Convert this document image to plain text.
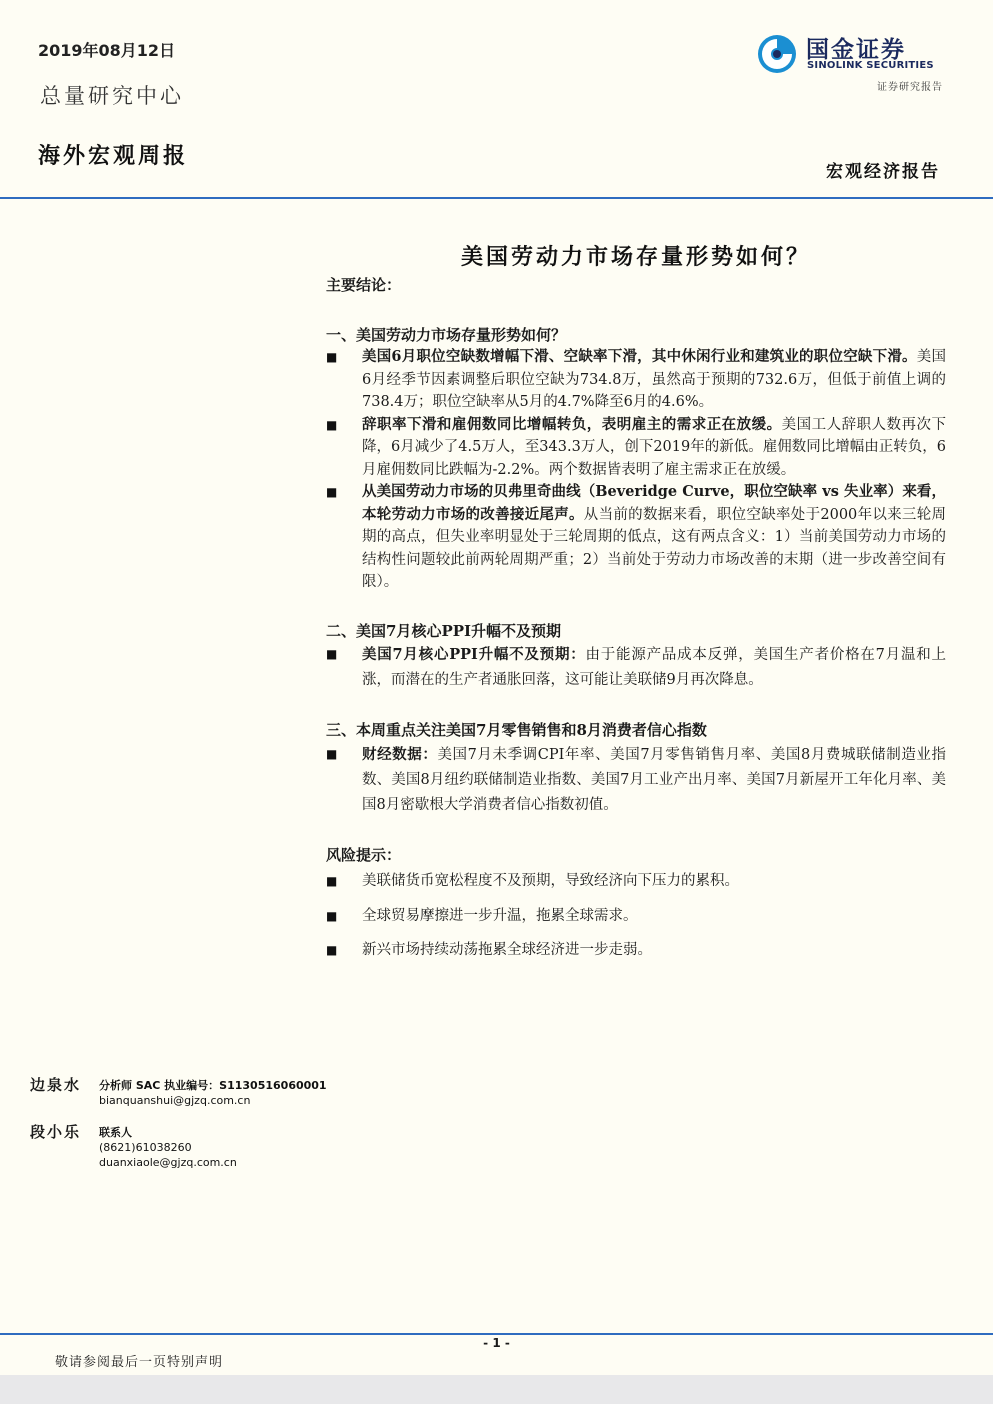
2019年08月12日
总量研究中心
海外宏观周报
国金证券
SINOLINK SECURITIES
证券研究报告
宏观经济报告
美国劳动力市场存量形势如何？
主要结论：
一、美国劳动力市场存量形势如何？
■ 美国6月职位空缺数增幅下滑、空缺率下滑，其中休闲行业和建筑业的职位空缺下滑。美国6月经季节因素调整后职位空缺为734.8万，虽然高于预期的732.6万，但低于前值上调的738.4万；职位空缺率从5月的4.7%降至6月的4.6%。
■ 辞职率下滑和雇佣数同比增幅转负，表明雇主的需求正在放缓。美国工人辞职人数再次下降，6月减少了4.5万人，至343.3万人，创下2019年的新低。雇佣数同比增幅由正转负，6月雇佣数同比跌幅为-2.2%。两个数据皆表明了雇主需求正在放缓。
■ 从美国劳动力市场的贝弗里奇曲线（Beveridge Curve，职位空缺率 vs 失业率）来看，本轮劳动力市场的改善接近尾声。从当前的数据来看，职位空缺率处于2000年以来三轮周期的高点，但失业率明显处于三轮周期的低点，这有两点含义：1）当前美国劳动力市场的结构性问题较此前两轮周期严重；2）当前处于劳动力市场改善的末期（进一步改善空间有限）。
二、美国7月核心PPI升幅不及预期
■ 美国7月核心PPI升幅不及预期：由于能源产品成本反弹，美国生产者价格在7月温和上涨，而潜在的生产者通胀回落，这可能让美联储9月再次降息。
三、本周重点关注美国7月零售销售和8月消费者信心指数
■ 财经数据：美国7月未季调CPI年率、美国7月零售销售月率、美国8月费城联储制造业指数、美国8月纽约联储制造业指数、美国7月工业产出月率、美国7月新屋开工年化月率、美国8月密歇根大学消费者信心指数初值。
风险提示：
■ 美联储货币宽松程度不及预期，导致经济向下压力的累积。
■ 全球贸易摩擦进一步升温，拖累全球需求。
■ 新兴市场持续动荡拖累全球经济进一步走弱。
边泉水	分析师 SAC 执业编号：S1130516060001
bianquanshui@gjzq.com.cn
段小乐	联系人
(8621)61038260
duanxiaole@gjzq.com.cn
- 1 -
敬请参阅最后一页特别声明
